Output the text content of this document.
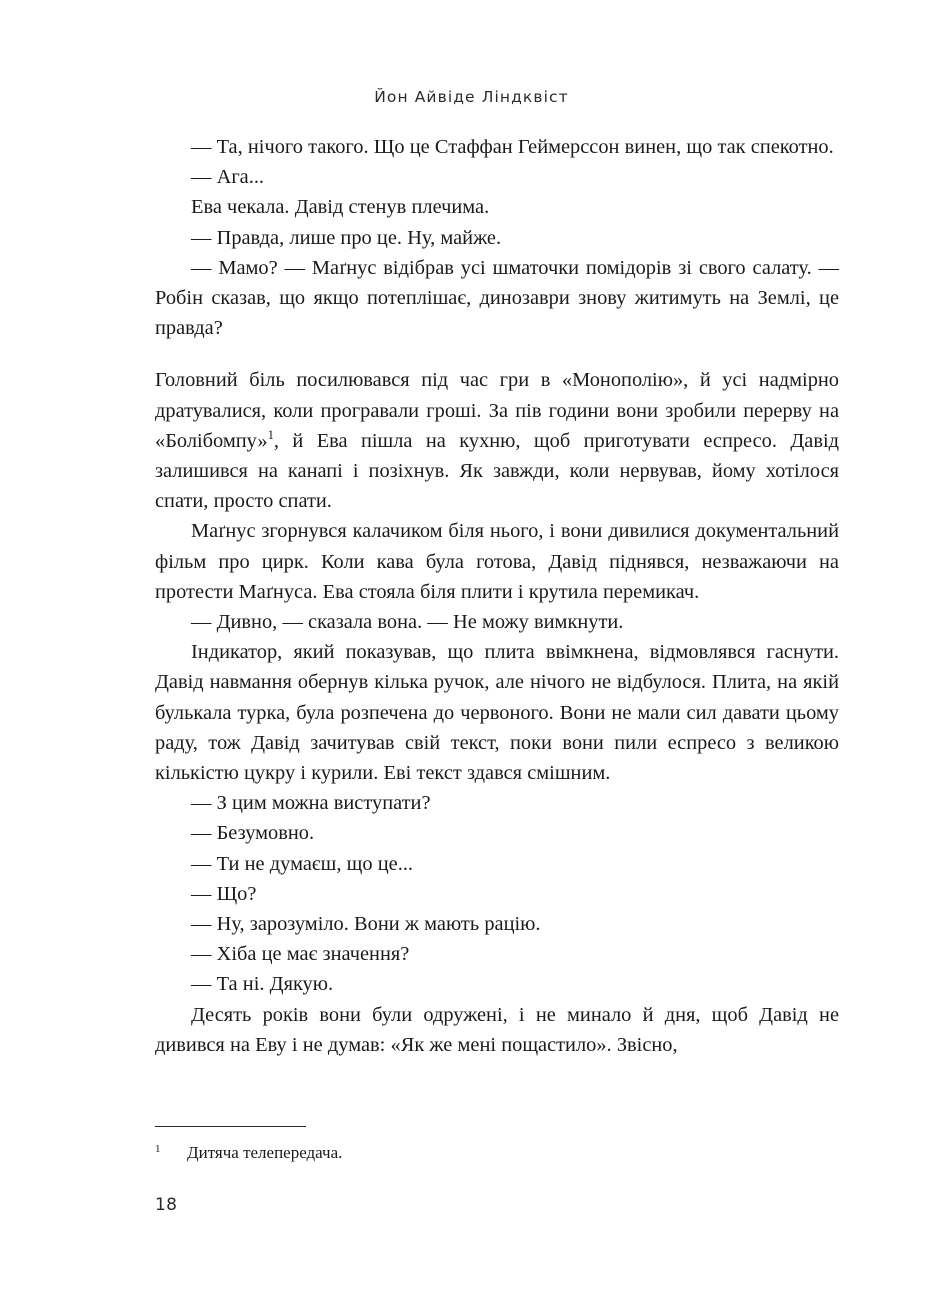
Йон Айвіде Ліндквіст

— Та, нічого такого. Що це Стаффан Геймерссон винен, що так спекотно.

— Ага...

Ева чекала. Давід стенув плечима.

— Правда, лише про це. Ну, майже.

— Мамо? — Маґнус відібрав усі шматочки помідорів зі свого салату. — Робін сказав, що якщо потеплішає, динозаври знову житимуть на Землі, це правда?

Головний біль посилювався під час гри в «Монополію», й усі надмірно дратувалися, коли програвали гроші. За пів години вони зробили перерву на «Болібомпу»$^1$, й Ева пішла на кухню, щоб приготувати еспресо. Давід залишився на канапі і позіхнув. Як завжди, коли нервував, йому хотілося спати, просто спати.

Маґнус згорнувся калачиком біля нього, і вони дивилися документальний фільм про цирк. Коли кава була готова, Давід піднявся, незважаючи на протести Маґнуса. Ева стояла біля плити і крутила перемикач.

— Дивно, — сказала вона. — Не можу вимкнути.

Індикатор, який показував, що плита ввімкнена, відмовлявся гаснути. Давід навмання обернув кілька ручок, але нічого не відбулося. Плита, на якій булькала турка, була розпечена до червоного. Вони не мали сил давати цьому раду, тож Давід зачитував свій текст, поки вони пили еспресо з великою кількістю цукру і курили. Еві текст здався смішним.

— З цим можна виступати?

— Безумовно.

— Ти не думаєш, що це...

— Що?

— Ну, зарозуміло. Вони ж мають рацію.

— Хіба це має значення?

— Та ні. Дякую.

Десять років вони були одружені, і не минало й дня, щоб Давід не дивився на Еву і не думав: «Як же мені пощастило». Звісно,

1	Дитяча телепередача.
18
